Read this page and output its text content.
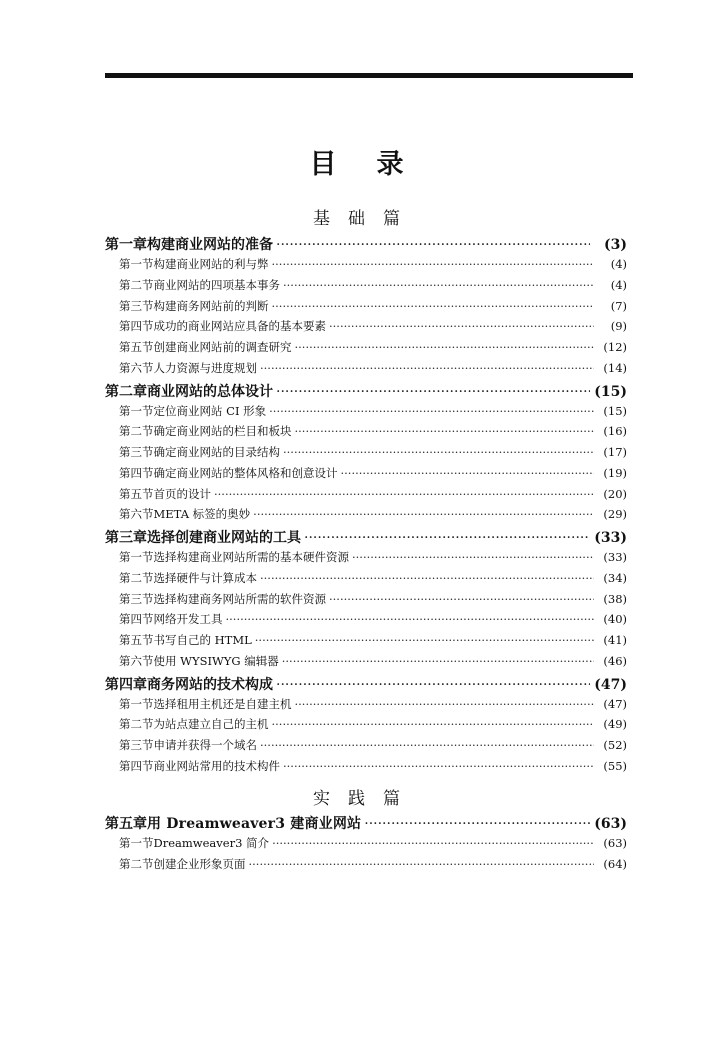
目录
基础篇
第一章 构建商业网站的准备 ·····	(3)
第一节 构建商业网站的利与弊 ·····	(4)
第二节 商业网站的四项基本事务 ·····	(4)
第三节 构建商务网站前的判断 ·····	(7)
第四节 成功的商业网站应具备的基本要素 ·····	(9)
第五节 创建商业网站前的调查研究 ·····	(12)
第六节 人力资源与进度规划 ·····	(14)
第二章 商业网站的总体设计 ·····	(15)
第一节 定位商业网站 CI 形象 ·····	(15)
第二节 确定商业网站的栏目和板块 ·····	(16)
第三节 确定商业网站的目录结构 ·····	(17)
第四节 确定商业网站的整体风格和创意设计 ·····	(19)
第五节 首页的设计 ·····	(20)
第六节 META 标签的奥妙 ·····	(29)
第三章 选择创建商业网站的工具 ·····	(33)
第一节 选择构建商业网站所需的基本硬件资源 ·····	(33)
第二节 选择硬件与计算成本 ·····	(34)
第三节 选择构建商务网站所需的软件资源 ·····	(38)
第四节 网络开发工具 ·····	(40)
第五节 书写自己的 HTML ·····	(41)
第六节 使用 WYSIWYG 编辑器 ·····	(46)
第四章 商务网站的技术构成 ·····	(47)
第一节 选择租用主机还是自建主机 ·····	(47)
第二节 为站点建立自己的主机 ·····	(49)
第三节 申请并获得一个域名 ·····	(52)
第四节 商业网站常用的技术构件 ·····	(55)
实践篇
第五章 用 Dreamweaver3 建商业网站 ·····	(63)
第一节 Dreamweaver3 简介 ·····	(63)
第二节 创建企业形象页面 ·····	(64)
